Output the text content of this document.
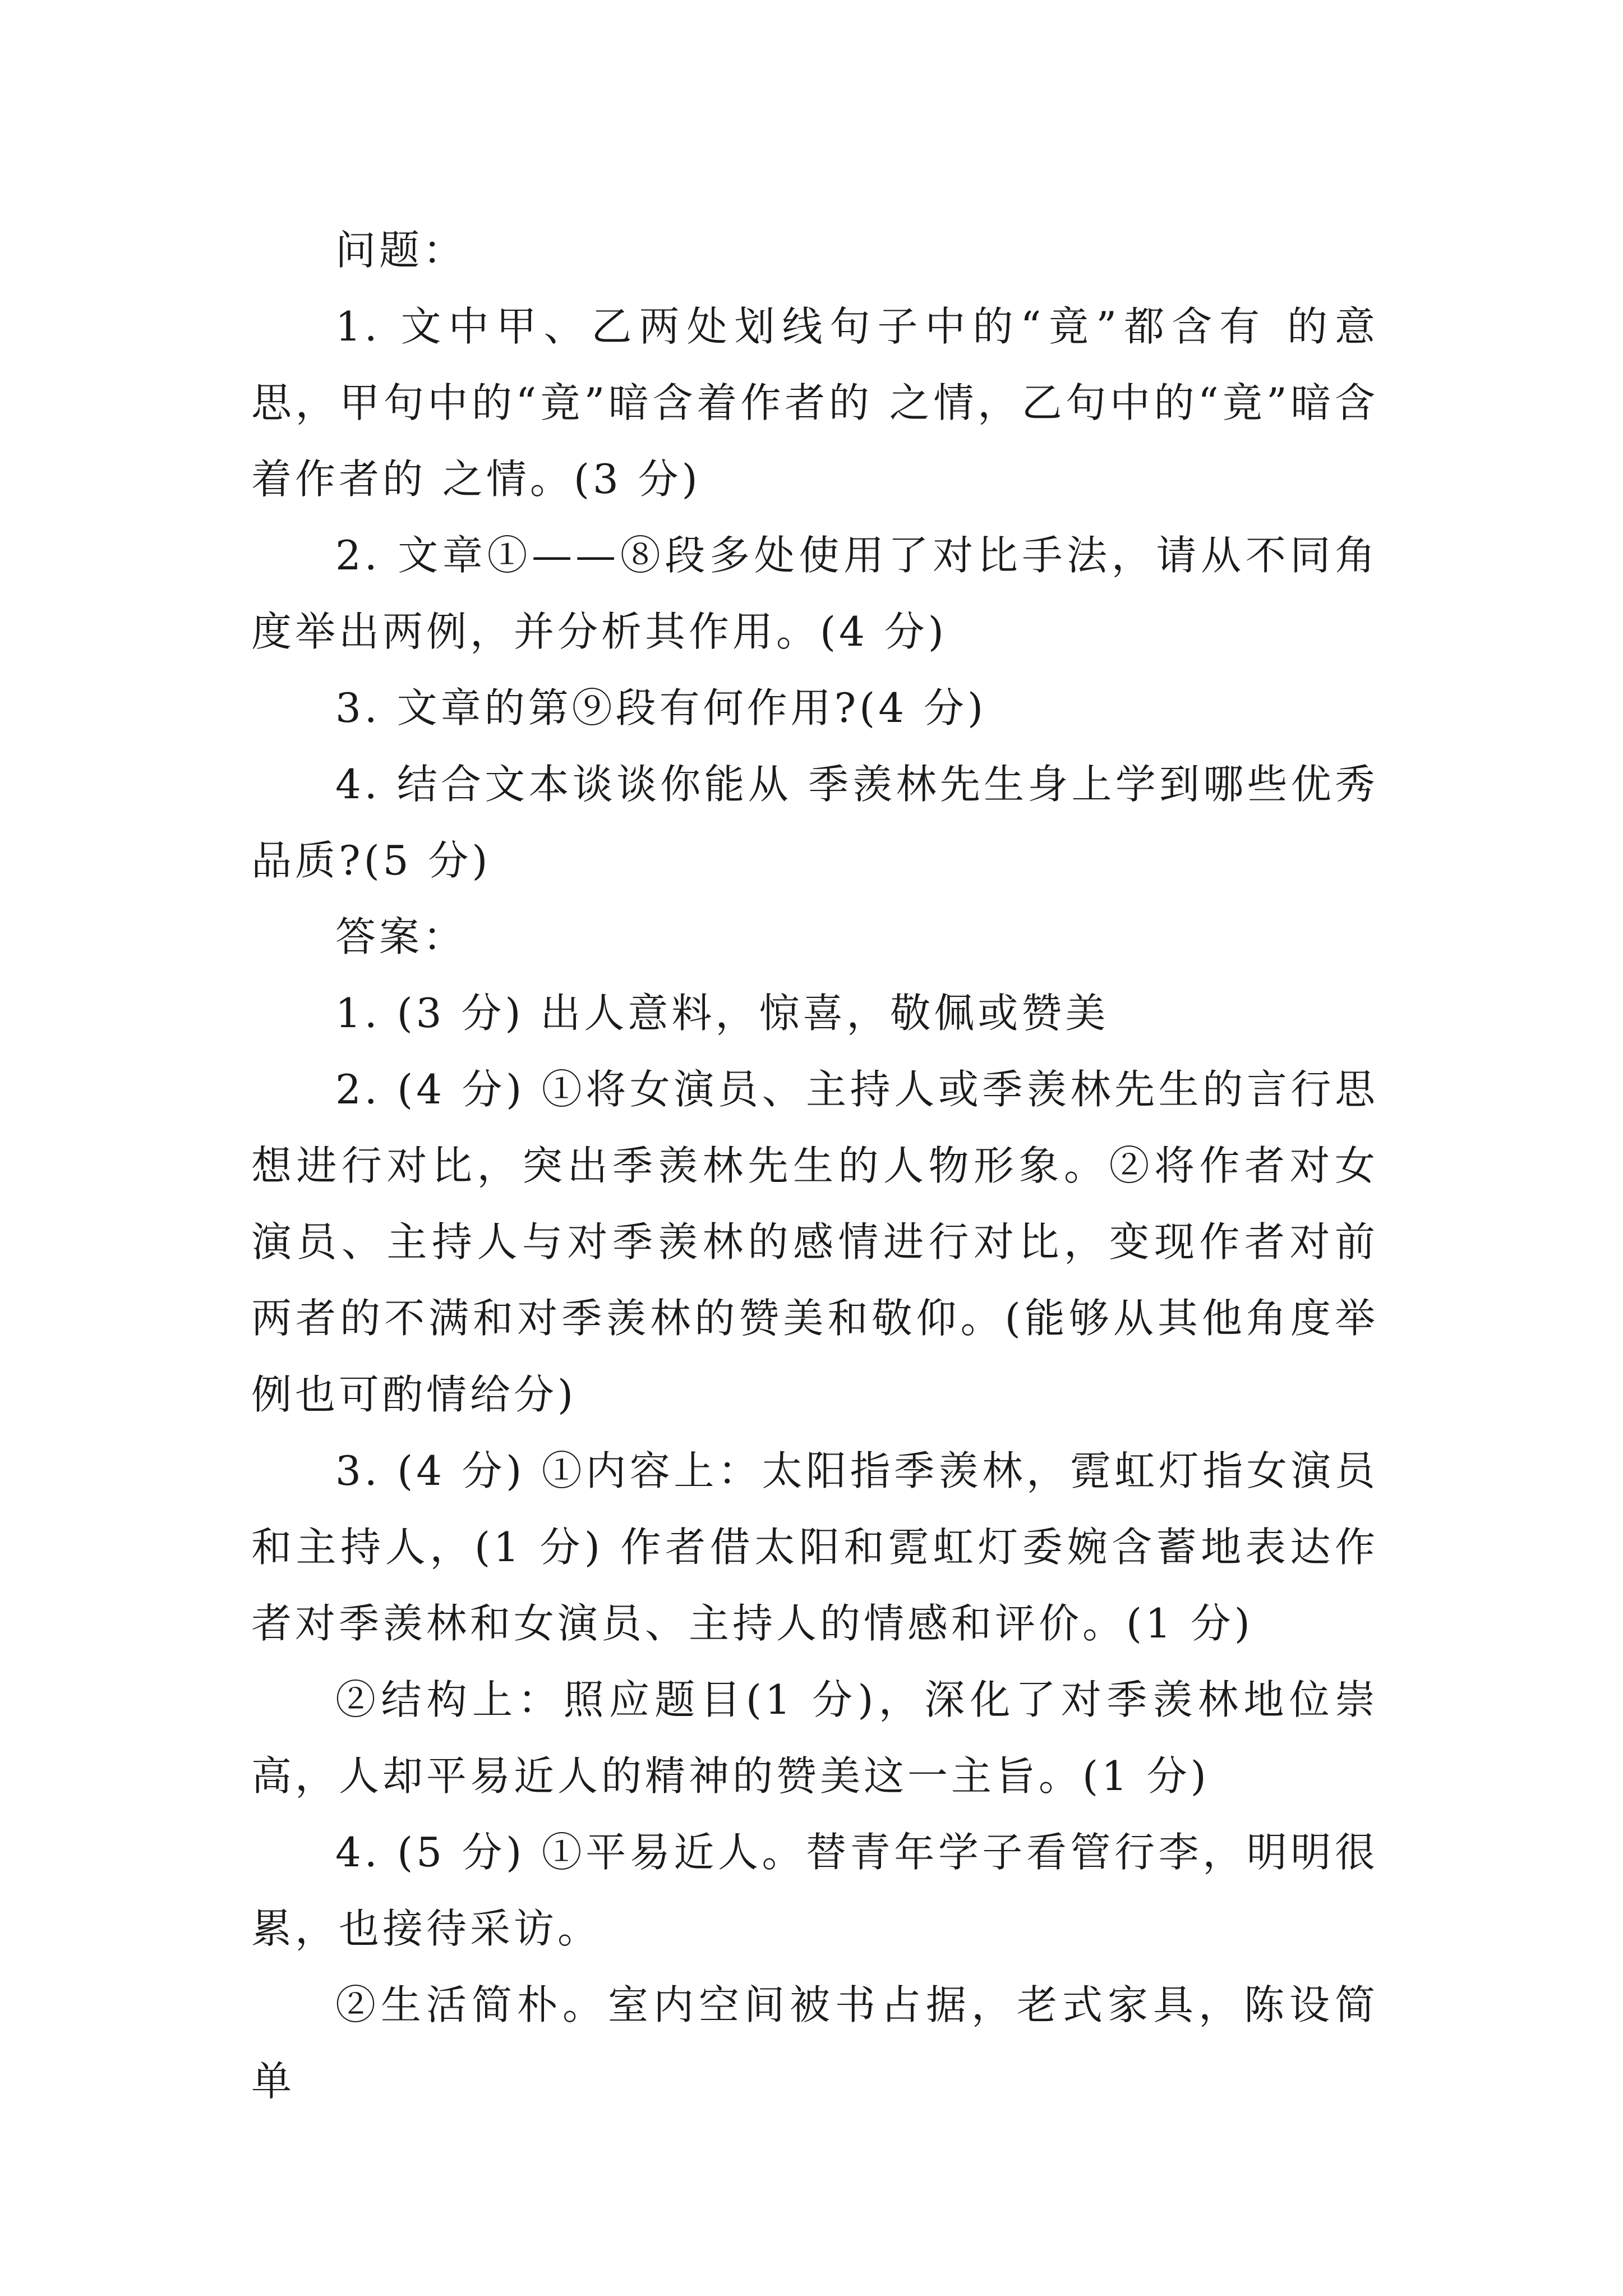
问题：

1. 文中甲、乙两处划线句子中的“竟”都含有 的意思，甲句中的“竟”暗含着作者的 之情，乙句中的“竟”暗含着作者的 之情。(3 分)

2. 文章①——⑧段多处使用了对比手法，请从不同角度举出两例，并分析其作用。(4 分)

3. 文章的第⑨段有何作用?(4 分)

4. 结合文本谈谈你能从 季羡林先生身上学到哪些优秀品质?(5 分)

答案：

1. (3 分) 出人意料，惊喜，敬佩或赞美

2. (4 分) ①将女演员、主持人或季羡林先生的言行思想进行对比，突出季羡林先生的人物形象。②将作者对女演员、主持人与对季羡林的感情进行对比，变现作者对前两者的不满和对季羡林的赞美和敬仰。(能够从其他角度举例也可酌情给分)

3. (4 分) ①内容上：太阳指季羡林，霓虹灯指女演员 和主持人，(1 分) 作者借太阳和霓虹灯委婉含蓄地表达作者对季羡林和女演员、主持人的情感和评价。(1 分)

②结构上：照应题目(1 分)，深化了对季羡林地位崇高，人却平易近人的精神的赞美这一主旨。(1 分)

4. (5 分) ①平易近人。替青年学子看管行李，明明很累，也接待采访。

②生活简朴。室内空间被书占据，老式家具，陈设简单
